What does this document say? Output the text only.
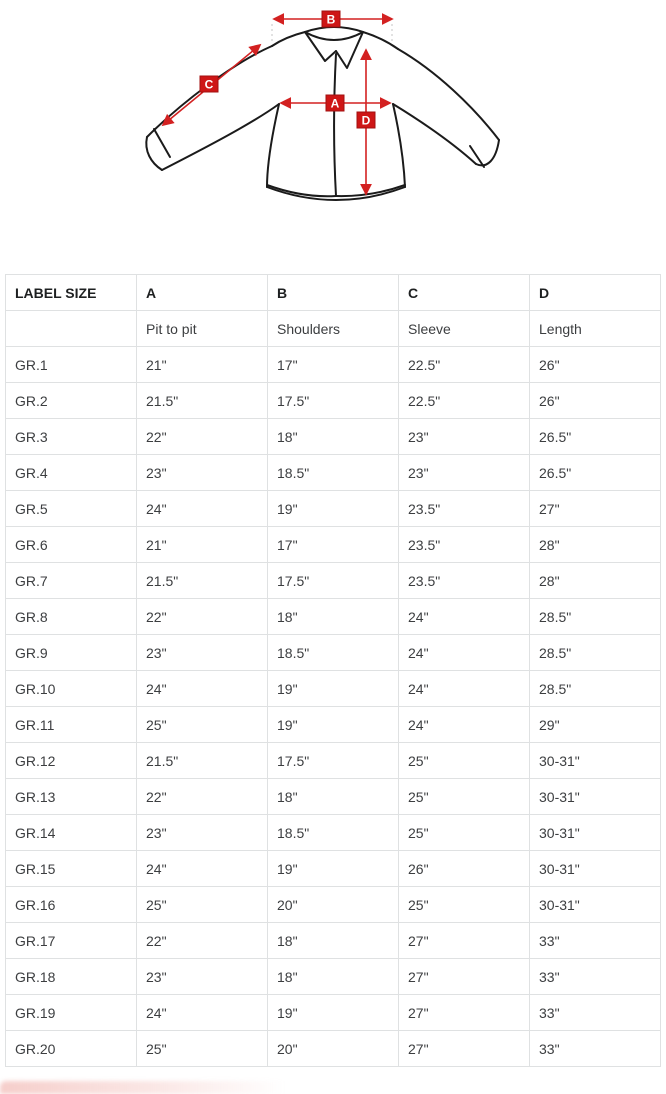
A
B
C
D
LABEL SIZE	A	B	C	D
	Pit to pit	Shoulders	Sleeve	Length
GR.1	21"	17"	22.5"	26"
GR.2	21.5"	17.5"	22.5"	26"
GR.3	22"	18"	23"	26.5"
GR.4	23"	18.5"	23"	26.5"
GR.5	24"	19"	23.5"	27"
GR.6	21"	17"	23.5"	28"
GR.7	21.5"	17.5"	23.5"	28"
GR.8	22"	18"	24"	28.5"
GR.9	23"	18.5"	24"	28.5"
GR.10	24"	19"	24"	28.5"
GR.11	25"	19"	24"	29"
GR.12	21.5"	17.5"	25"	30-31"
GR.13	22"	18"	25"	30-31"
GR.14	23"	18.5"	25"	30-31"
GR.15	24"	19"	26"	30-31"
GR.16	25"	20"	25"	30-31"
GR.17	22"	18"	27"	33"
GR.18	23"	18"	27"	33"
GR.19	24"	19"	27"	33"
GR.20	25"	20"	27"	33"
